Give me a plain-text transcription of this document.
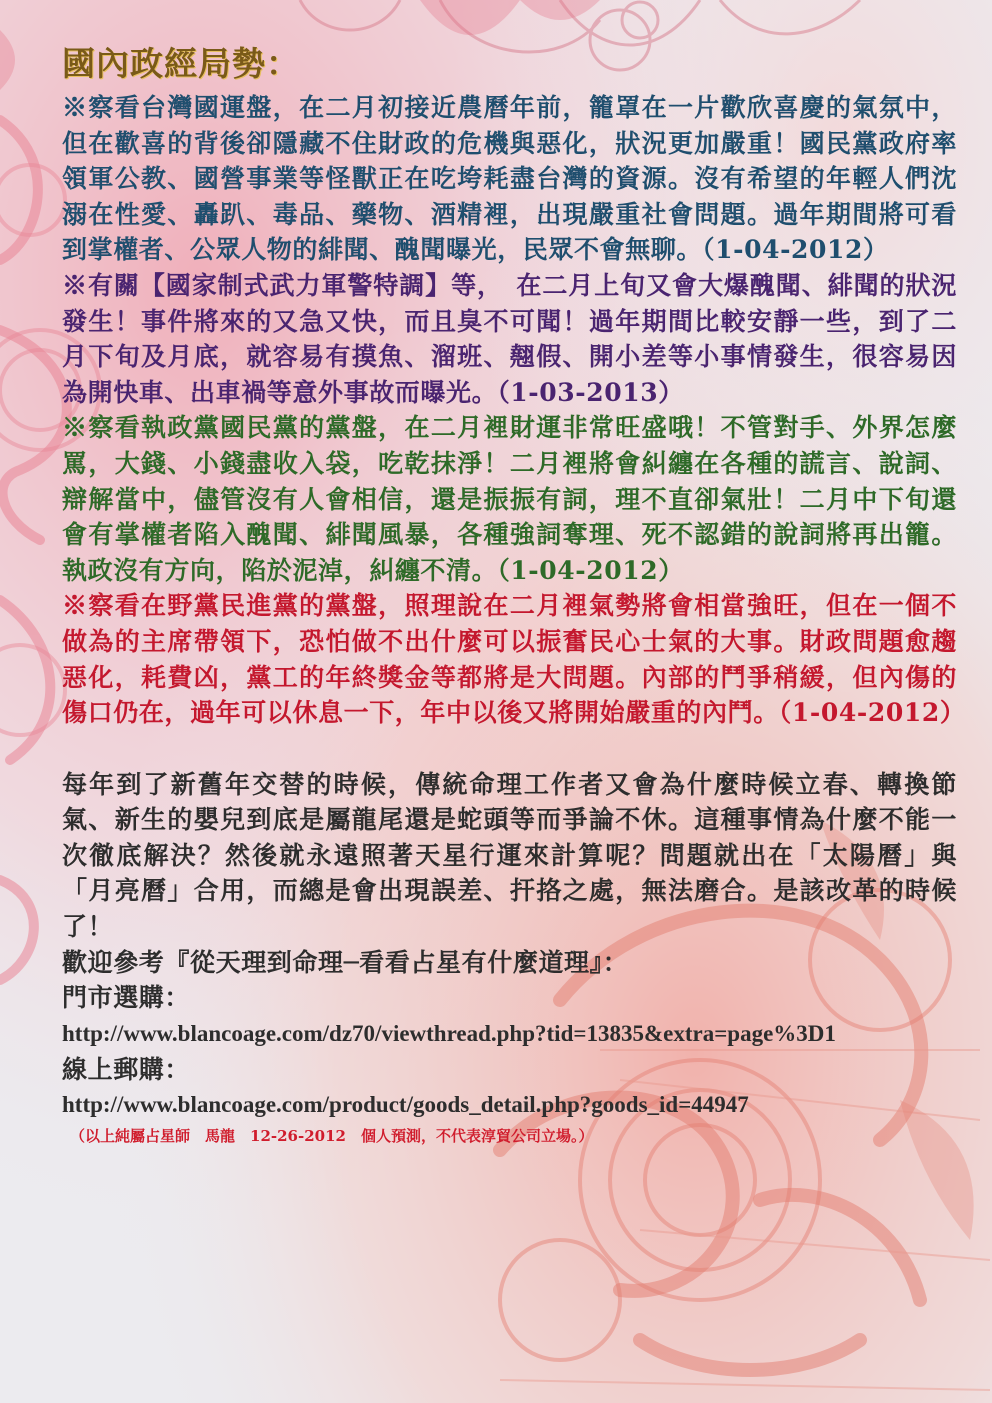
國內政經局勢：
※察看台灣國運盤，在二月初接近農曆年前，籠罩在一片歡欣喜慶的氣氛中，但在歡喜的背後卻隱藏不住財政的危機與惡化，狀況更加嚴重！國民黨政府率領軍公教、國營事業等怪獸正在吃垮耗盡台灣的資源。沒有希望的年輕人們沈溺在性愛、轟趴、毒品、藥物、酒精裡，出現嚴重社會問題。過年期間將可看到掌權者、公眾人物的緋聞、醜聞曝光，民眾不會無聊。（1-04-2012）
※有關【國家制式武力軍警特調】等，　在二月上旬又會大爆醜聞、緋聞的狀況發生！事件將來的又急又快，而且臭不可聞！過年期間比較安靜一些，到了二月下旬及月底，就容易有摸魚、溜班、翹假、開小差等小事情發生，很容易因為開快車、出車禍等意外事故而曝光。（1-03-2013）
※察看執政黨國民黨的黨盤，在二月裡財運非常旺盛哦！不管對手、外界怎麼罵，大錢、小錢盡收入袋，吃乾抹淨！二月裡將會糾纏在各種的謊言、說詞、辯解當中，儘管沒有人會相信，還是振振有詞，理不直卻氣壯！二月中下旬還會有掌權者陷入醜聞、緋聞風暴，各種強詞奪理、死不認錯的說詞將再出籠。執政沒有方向，陷於泥淖，糾纏不清。（1-04-2012）
※察看在野黨民進黨的黨盤，照理說在二月裡氣勢將會相當強旺，但在一個不做為的主席帶領下，恐怕做不出什麼可以振奮民心士氣的大事。財政問題愈趨惡化，耗費凶，黨工的年終獎金等都將是大問題。內部的鬥爭稍緩，但內傷的傷口仍在，過年可以休息一下，年中以後又將開始嚴重的內鬥。（1-04-2012）
每年到了新舊年交替的時候，傳統命理工作者又會為什麼時候立春、轉換節氣、新生的嬰兒到底是屬龍尾還是蛇頭等而爭論不休。這種事情為什麼不能一次徹底解決？然後就永遠照著天星行運來計算呢？問題就出在「太陽曆」與「月亮曆」合用，而總是會出現誤差、扞挌之處，無法磨合。是該改革的時候了！
歡迎參考『從天理到命理─看看占星有什麼道理』：
門市選購：
http://www.blancoage.com/dz70/viewthread.php?tid=13835&extra=page%3D1
線上郵購：
http://www.blancoage.com/product/goods_detail.php?goods_id=44947
（以上純屬占星師　馬龍　12-26-2012　個人預測，不代表淳貿公司立場。）
